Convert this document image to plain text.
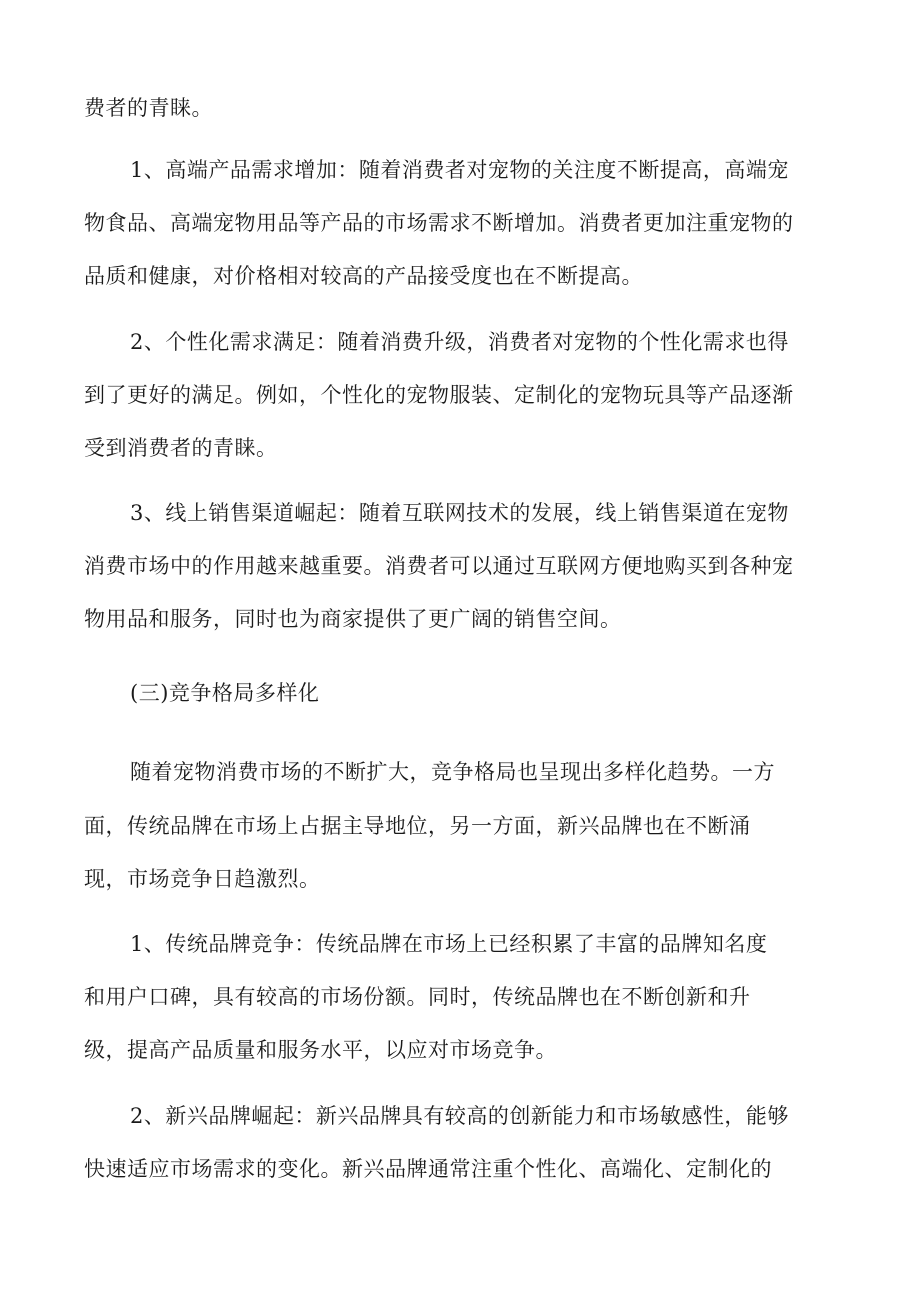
费者的青睐。
1、高端产品需求增加：随着消费者对宠物的关注度不断提高，高端宠
物食品、高端宠物用品等产品的市场需求不断增加。消费者更加注重宠物的
品质和健康，对价格相对较高的产品接受度也在不断提高。
2、个性化需求满足：随着消费升级，消费者对宠物的个性化需求也得
到了更好的满足。例如，个性化的宠物服装、定制化的宠物玩具等产品逐渐
受到消费者的青睐。
3、线上销售渠道崛起：随着互联网技术的发展，线上销售渠道在宠物
消费市场中的作用越来越重要。消费者可以通过互联网方便地购买到各种宠
物用品和服务，同时也为商家提供了更广阔的销售空间。
(三)竞争格局多样化
随着宠物消费市场的不断扩大，竞争格局也呈现出多样化趋势。一方
面，传统品牌在市场上占据主导地位，另一方面，新兴品牌也在不断涌
现，市场竞争日趋激烈。
1、传统品牌竞争：传统品牌在市场上已经积累了丰富的品牌知名度
和用户口碑，具有较高的市场份额。同时，传统品牌也在不断创新和升
级，提高产品质量和服务水平，以应对市场竞争。
2、新兴品牌崛起：新兴品牌具有较高的创新能力和市场敏感性，能够
快速适应市场需求的变化。新兴品牌通常注重个性化、高端化、定制化的
